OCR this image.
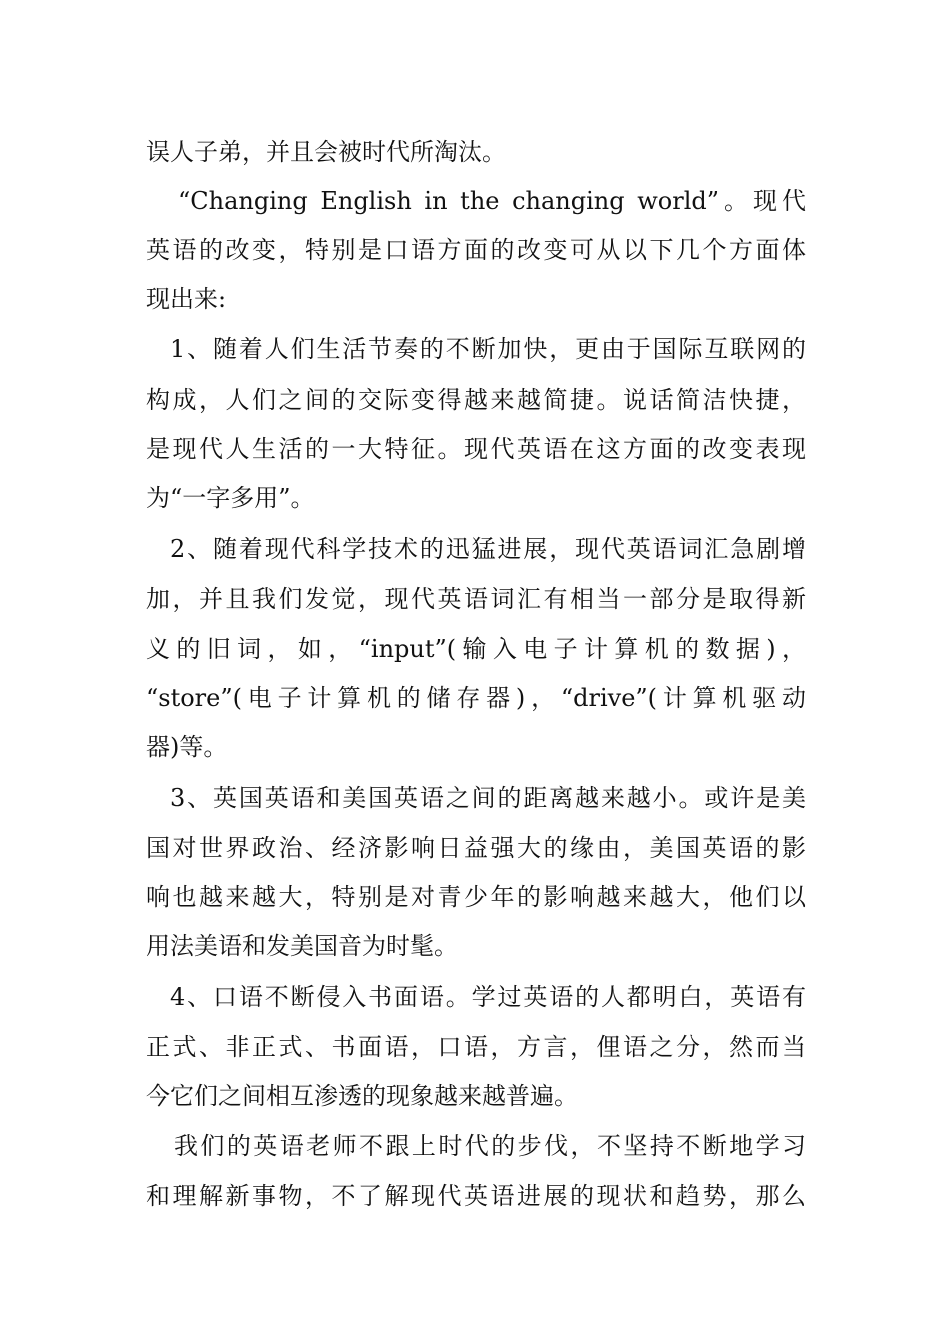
误人子弟，并且会被时代所淘汰。
“Changing English in the changing world”。现代
英语的改变，特别是口语方面的改变可从以下几个方面体
现出来:
1、随着人们生活节奏的不断加快，更由于国际互联网的
构成，人们之间的交际变得越来越简捷。说话简洁快捷，
是现代人生活的一大特征。现代英语在这方面的改变表现
为“一字多用”。
2、随着现代科学技术的迅猛进展，现代英语词汇急剧增
加，并且我们发觉，现代英语词汇有相当一部分是取得新
义的旧词，如，“input”(输入电子计算机的数据)，
“store”(电子计算机的储存器)，“drive”(计算机驱动
器)等。
3、英国英语和美国英语之间的距离越来越小。或许是美
国对世界政治、经济影响日益强大的缘由，美国英语的影
响也越来越大，特别是对青少年的影响越来越大，他们以
用法美语和发美国音为时髦。
4、口语不断侵入书面语。学过英语的人都明白，英语有
正式、非正式、书面语，口语，方言，俚语之分，然而当
今它们之间相互渗透的现象越来越普遍。
我们的英语老师不跟上时代的步伐，不坚持不断地学习
和理解新事物，不了解现代英语进展的现状和趋势，那么
